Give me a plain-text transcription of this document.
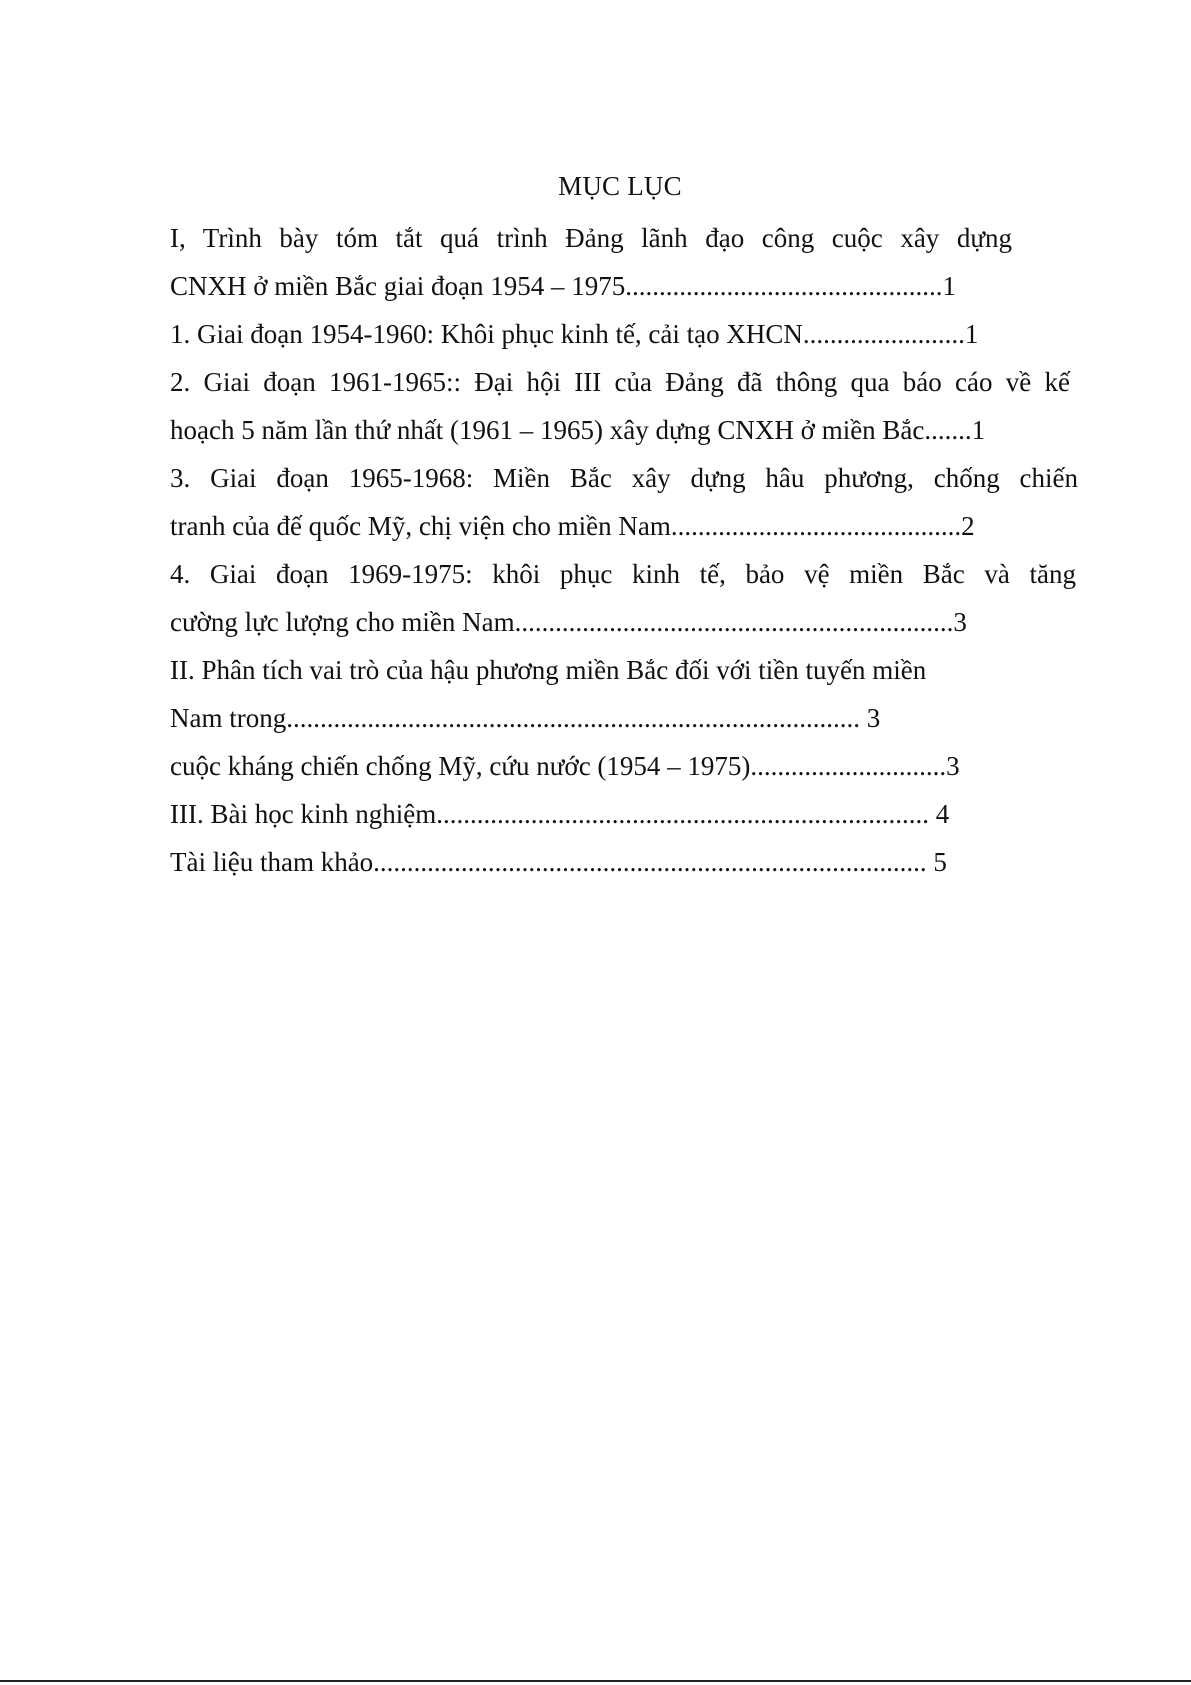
MỤC LỤC
I, Trình bày tóm tắt quá trình Đảng lãnh đạo công cuộc xây dựng
CNXH ở miền Bắc giai đoạn 1954 – 1975...............................................1
1. Giai đoạn 1954-1960: Khôi phục kinh tế, cải tạo XHCN........................1
2. Giai đoạn 1961-1965:: Đại hội III của Đảng đã thông qua báo cáo về kế
hoạch 5 năm lần thứ nhất (1961 – 1965) xây dựng CNXH ở miền Bắc.......1
3. Giai đoạn 1965-1968: Miền Bắc xây dựng hâu phương, chống chiến
tranh của đế quốc Mỹ, chị viện cho miền Nam...........................................2
4. Giai đoạn 1969-1975: khôi phục kinh tế, bảo vệ miền Bắc và tăng
cường lực lượng cho miền Nam.................................................................3
II. Phân tích vai trò của hậu phương miền Bắc đối với tiền tuyến miền
Nam trong..................................................................................... 3
cuộc kháng chiến chống Mỹ, cứu nước (1954 – 1975).............................3
III. Bài học kinh nghiệm......................................................................... 4
Tài liệu tham khảo.................................................................................. 5
